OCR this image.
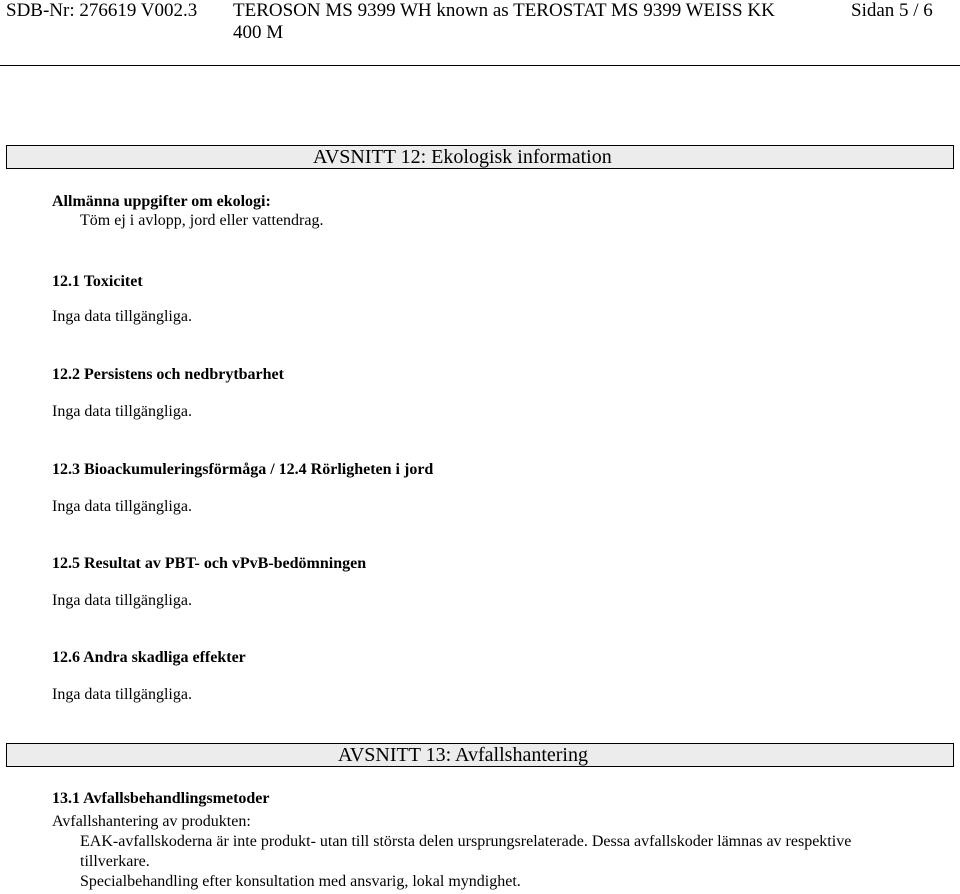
SDB-Nr: 276619 V002.3 TEROSON MS 9399 WH known as TEROSTAT MS 9399 WEISS KK
400 M
Sidan 5 / 6
AVSNITT 12: Ekologisk information
Allmänna uppgifter om ekologi:
Töm ej i avlopp, jord eller vattendrag.
12.1 Toxicitet
Inga data tillgängliga.
12.2 Persistens och nedbrytbarhet
Inga data tillgängliga.
12.3 Bioackumuleringsförmåga / 12.4 Rörligheten i jord
Inga data tillgängliga.
12.5 Resultat av PBT- och vPvB-bedömningen
Inga data tillgängliga.
12.6 Andra skadliga effekter
Inga data tillgängliga.
AVSNITT 13: Avfallshantering
13.1 Avfallsbehandlingsmetoder
Avfallshantering av produkten:
EAK-avfallskoderna är inte produkt- utan till största delen ursprungsrelaterade. Dessa avfallskoder lämnas av respektive
tillverkare.
Specialbehandling efter konsultation med ansvarig, lokal myndighet.
